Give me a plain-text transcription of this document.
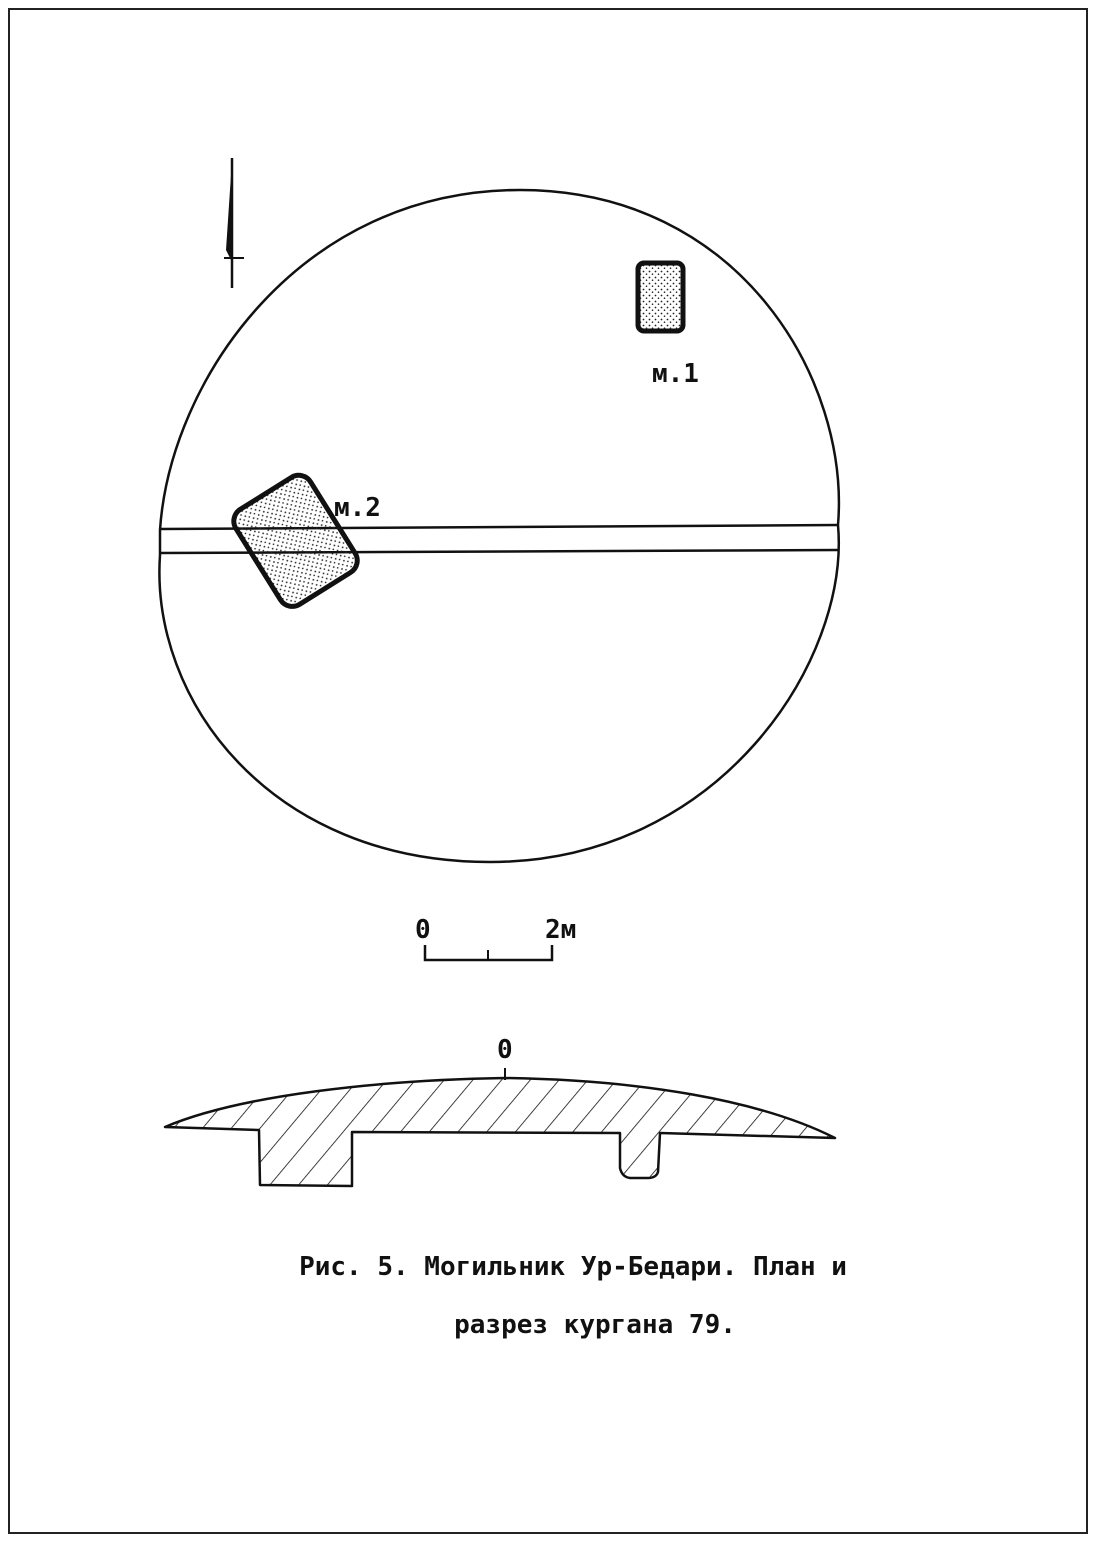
м.1
м.2
0	2м
0
Рис. 5. Могильник Ур-Бедари. План и
разрез кургана 79.
